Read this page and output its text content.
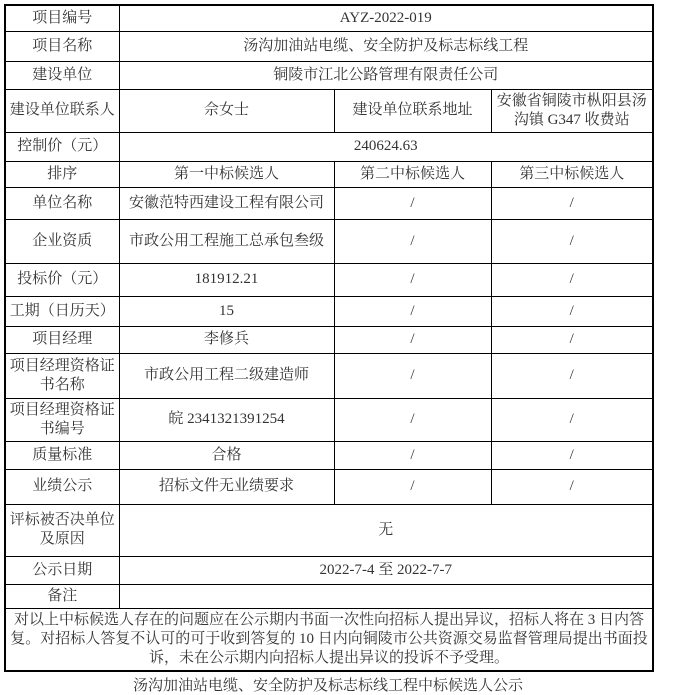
项目编号	AYZ-2022-019		
项目名称	汤沟加油站电缆、安全防护及标志标线工程		
建设单位	铜陵市江北公路管理有限责任公司		
建设单位联系人	佘女士	建设单位联系地址	安徽省铜陵市枞阳县汤沟镇 G347 收费站
控制价（元）	240624.63		
排序	第一中标候选人	第二中标候选人	第三中标候选人
单位名称	安徽范特西建设工程有限公司	/	/
企业资质	市政公用工程施工总承包叁级	/	/
投标价（元）	181912.21	/	/
工期（日历天）	15	/	/
项目经理	李修兵	/	/
项目经理资格证书名称	市政公用工程二级建造师	/	/
项目经理资格证书编号	皖 2341321391254	/	/
质量标准	合格	/	/
业绩公示	招标文件无业绩要求	/	/
评标被否决单位及原因	无		
公示日期	2022-7-4 至 2022-7-7		
备注			
对以上中标候选人存在的问题应在公示期内书面一次性向招标人提出异议，招标人将在 3 日内答复。对招标人答复不认可的可于收到答复的 10 日内向铜陵市公共资源交易监督管理局提出书面投诉，未在公示期内向招标人提出异议的投诉不予受理。			
汤沟加油站电缆、安全防护及标志标线工程中标候选人公示
